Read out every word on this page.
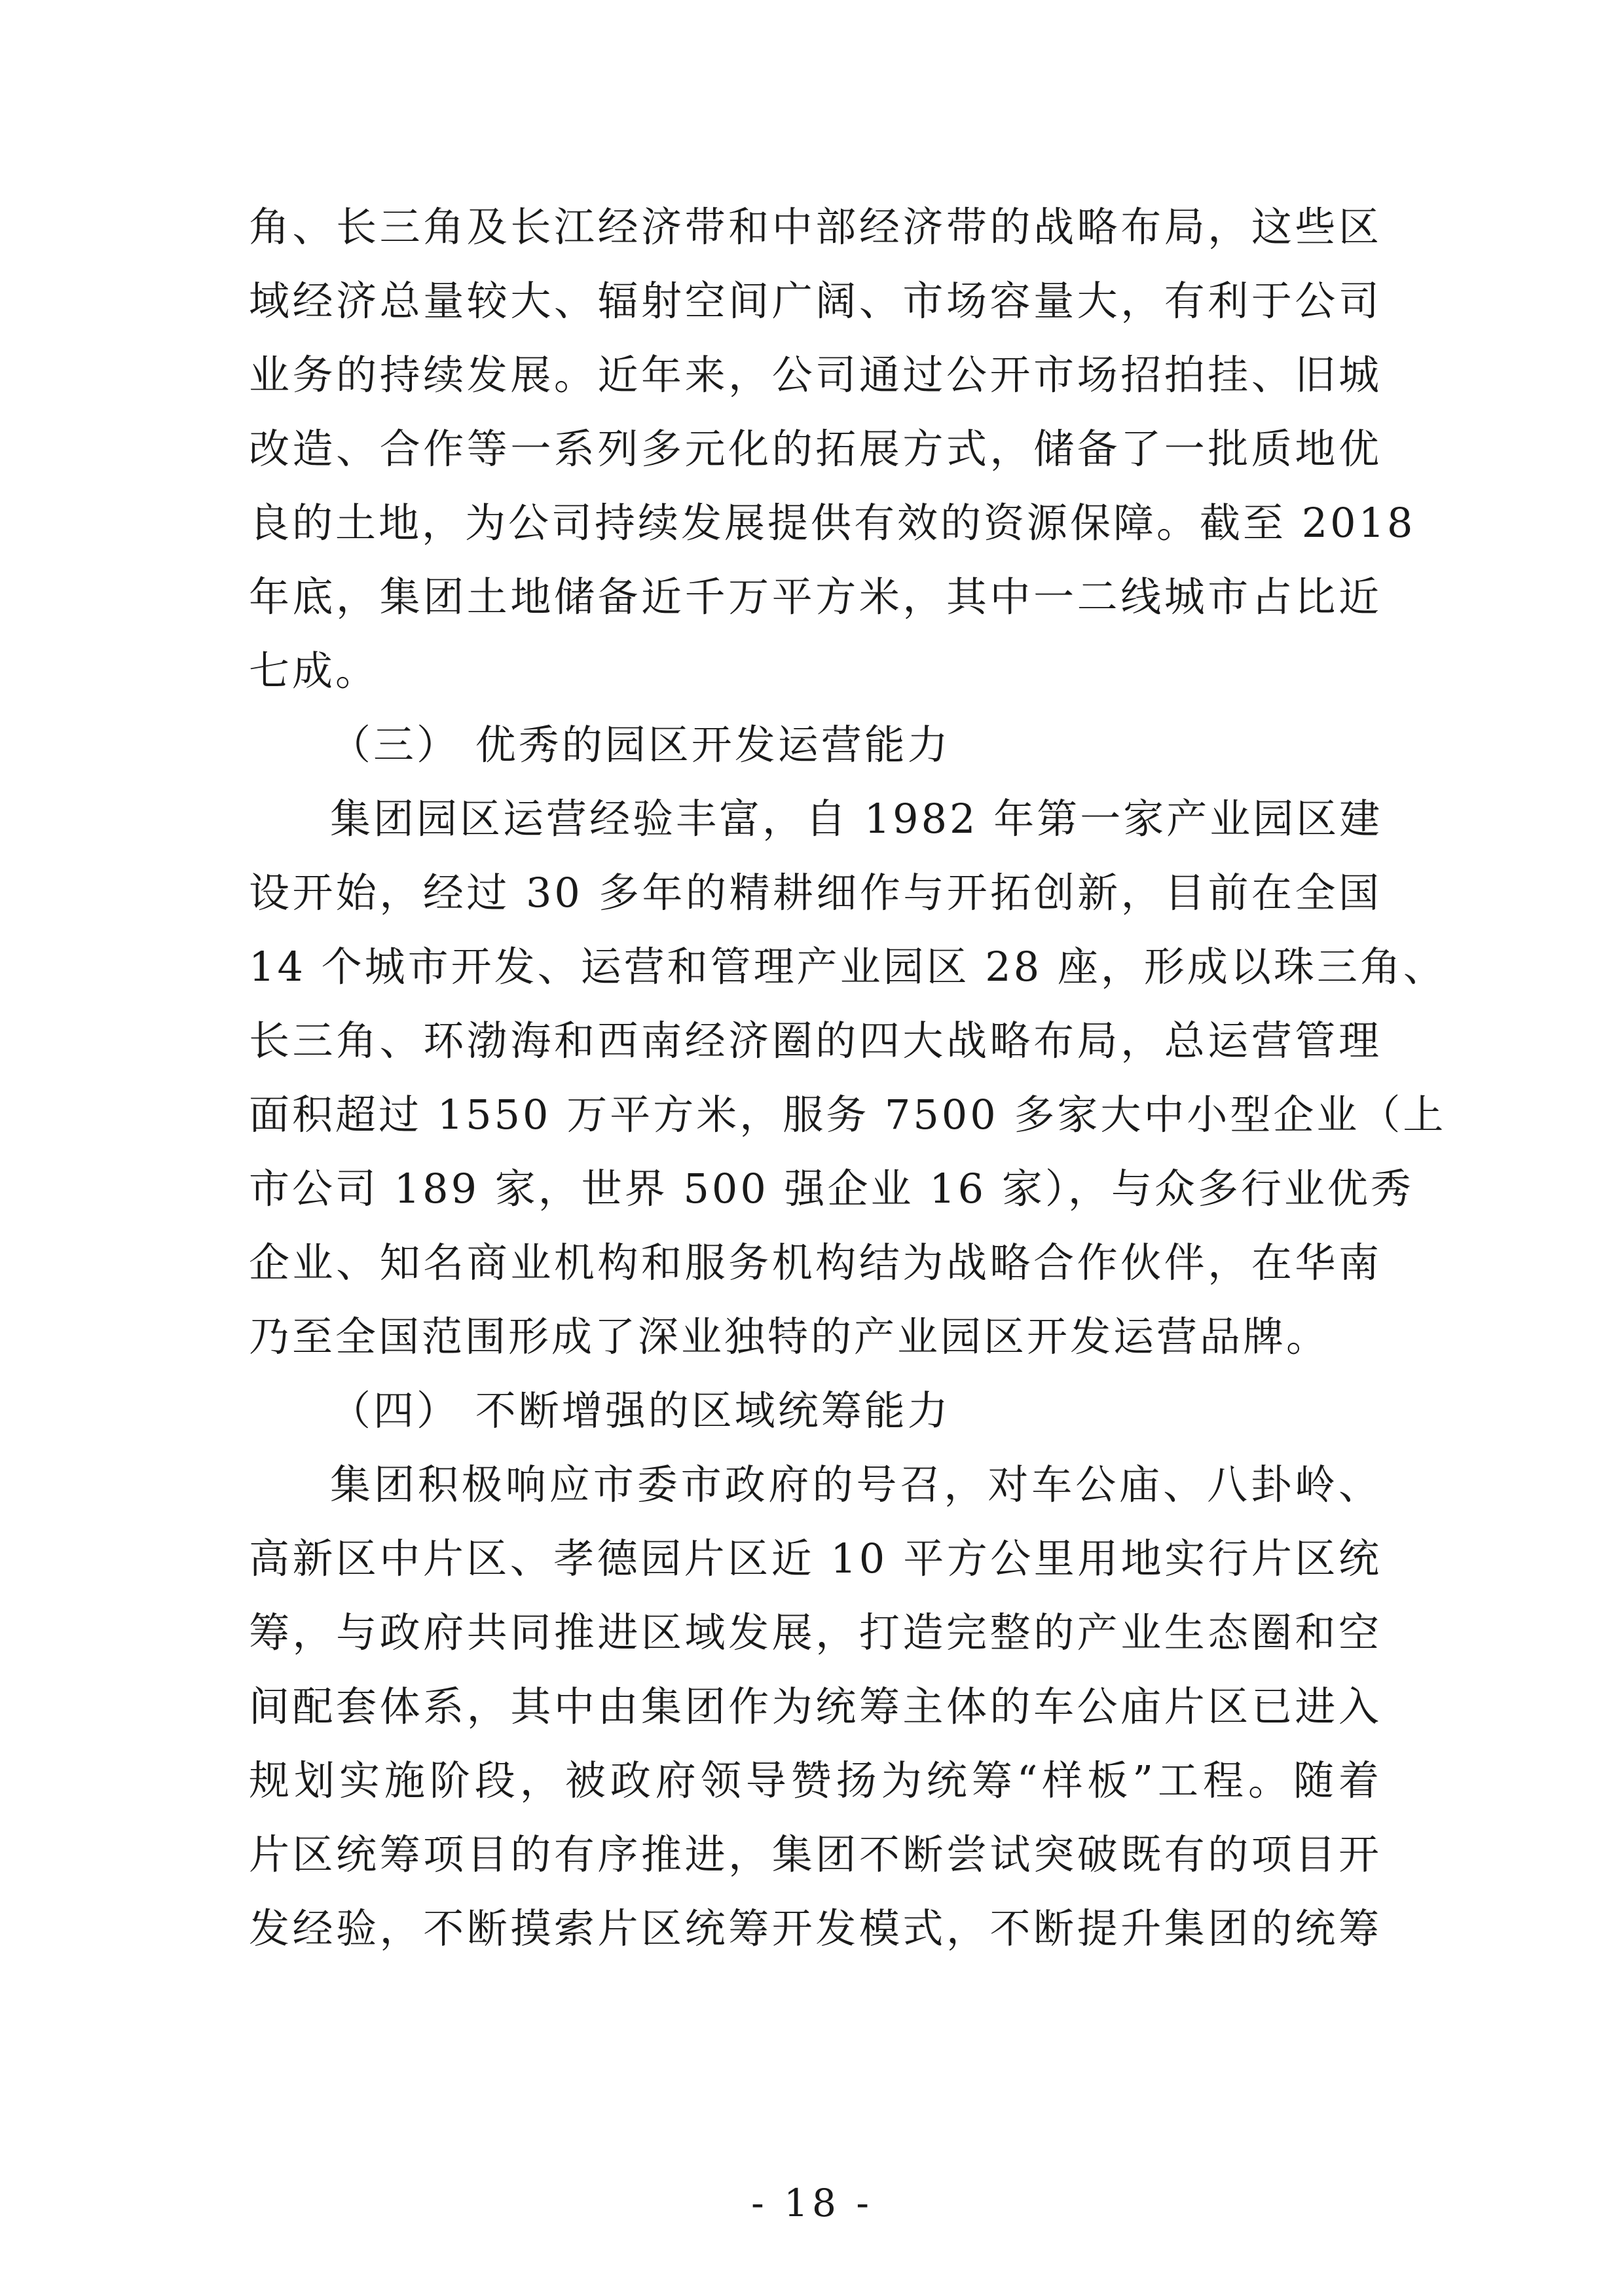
角、长三角及长江经济带和中部经济带的战略布局，这些区
域经济总量较大、辐射空间广阔、市场容量大，有利于公司
业务的持续发展。近年来，公司通过公开市场招拍挂、旧城
改造、合作等一系列多元化的拓展方式，储备了一批质地优
良的土地，为公司持续发展提供有效的资源保障。截至 2018
年底，集团土地储备近千万平方米，其中一二线城市占比近
七成。
（三） 优秀的园区开发运营能力
集团园区运营经验丰富，自 1982 年第一家产业园区建
设开始，经过 30 多年的精耕细作与开拓创新，目前在全国
14 个城市开发、运营和管理产业园区 28 座，形成以珠三角、
长三角、环渤海和西南经济圈的四大战略布局，总运营管理
面积超过 1550 万平方米，服务 7500 多家大中小型企业（上
市公司 189 家，世界 500 强企业 16 家），与众多行业优秀
企业、知名商业机构和服务机构结为战略合作伙伴，在华南
乃至全国范围形成了深业独特的产业园区开发运营品牌。
（四） 不断增强的区域统筹能力
集团积极响应市委市政府的号召，对车公庙、八卦岭、
高新区中片区、孝德园片区近 10 平方公里用地实行片区统
筹，与政府共同推进区域发展，打造完整的产业生态圈和空
间配套体系，其中由集团作为统筹主体的车公庙片区已进入
规划实施阶段，被政府领导赞扬为统筹“样板”工程。随着
片区统筹项目的有序推进，集团不断尝试突破既有的项目开
发经验，不断摸索片区统筹开发模式，不断提升集团的统筹
- 18 -
